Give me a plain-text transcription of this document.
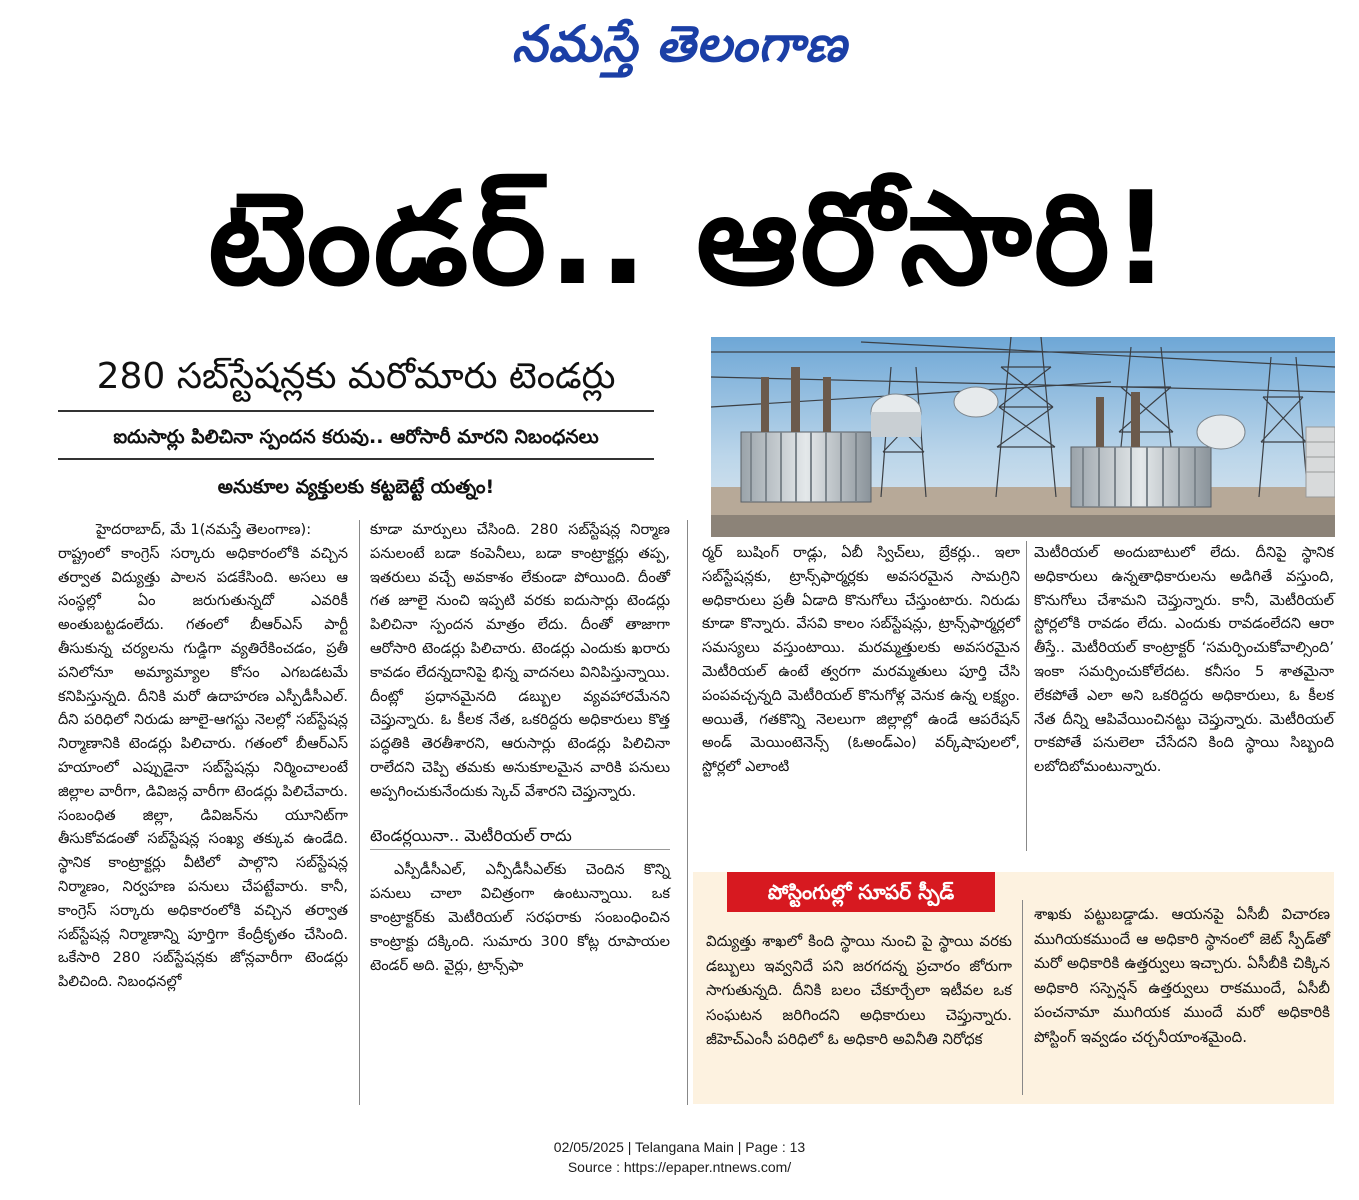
నమస్తే తెలంగాణ
టెండర్.. ఆరోసారి!
280 సబ్‌స్టేషన్లకు మరోమారు టెండర్లు
ఐదుసార్లు పిలిచినా స్పందన కరువు.. ఆరోసారీ మారని నిబంధనలు
అనుకూల వ్యక్తులకు కట్టబెట్టే యత్నం!

హైదరాబాద్, మే 1(నమస్తే తెలంగాణ):

రాష్ట్రంలో కాంగ్రెస్ సర్కారు అధికారంలోకి వచ్చిన తర్వాత విద్యుత్తు పాలన పడకేసింది. అసలు ఆ సంస్థల్లో ఏం జరుగుతున్నదో ఎవరికీ అంతుబట్టడంలేదు. గతంలో బీఆర్‌ఎస్ పార్టీ తీసుకున్న చర్యలను గుడ్డిగా వ్యతిరేకించడం, ప్రతీ పనిలోనూ అమ్యామ్యాల కోసం ఎగబడటమే కనిపిస్తున్నది. దీనికి మరో ఉదాహరణ ఎస్పీడీసీఎల్. దీని పరిధిలో నిరుడు జూలై-ఆగస్టు నెలల్లో సబ్‌స్టేషన్ల నిర్మాణానికి టెండర్లు పిలిచారు. గతంలో బీఆర్‌ఎస్ హయాంలో ఎప్పుడైనా సబ్‌స్టేషన్లు నిర్మించాలంటే జిల్లాల వారీగా, డివిజన్ల వారీగా టెండర్లు పిలిచేవారు. సంబంధిత జిల్లా, డివిజన్‌ను యూనిట్‌గా తీసుకోవడంతో సబ్‌స్టేషన్ల సంఖ్య తక్కువ ఉండేది. స్థానిక కాంట్రాక్టర్లు వీటిలో పాల్గొని సబ్‌స్టేషన్ల నిర్మాణం, నిర్వహణ పనులు చేపట్టేవారు. కానీ, కాంగ్రెస్ సర్కారు అధికారంలోకి వచ్చిన తర్వాత సబ్‌స్టేషన్ల నిర్మాణాన్ని పూర్తిగా కేంద్రీకృతం చేసింది. ఒకేసారి 280 సబ్‌స్టేషన్లకు జోన్లవారీగా టెండర్లు పిలిచింది. నిబంధనల్లో

కూడా మార్పులు చేసింది. 280 సబ్‌స్టేషన్ల నిర్మాణ పనులంటే బడా కంపెనీలు, బడా కాంట్రాక్టర్లు తప్ప, ఇతరులు వచ్చే అవకాశం లేకుండా పోయింది. దీంతో గత జూలై నుంచి ఇప్పటి వరకు ఐదుసార్లు టెండర్లు పిలిచినా స్పందన మాత్రం లేదు. దీంతో తాజాగా ఆరోసారి టెండర్లు పిలిచారు. టెండర్లు ఎందుకు ఖరారు కావడం లేదన్నదానిపై భిన్న వాదనలు వినిపిస్తున్నాయి. దీంట్లో ప్రధానమైనది డబ్బుల వ్యవహారమేనని చెప్తున్నారు. ఓ కీలక నేత, ఒకరిద్దరు అధికారులు కొత్త పద్ధతికి తెరతీశారని, ఆరుసార్లు టెండర్లు పిలిచినా రాలేదని చెప్పి తమకు అనుకూలమైన వారికి పనులు అప్పగించుకునేందుకు స్కెచ్ వేశారని చెప్తున్నారు.

టెండర్లయినా.. మెటీరియల్ రాదు

ఎస్పీడీసీఎల్, ఎన్పీడీసీఎల్‌కు చెందిన కొన్ని పనులు చాలా విచిత్రంగా ఉంటున్నాయి. ఒక కాంట్రాక్టర్‌కు మెటీరియల్ సరఫరాకు సంబంధించిన కాంట్రాక్టు దక్కింది. సుమారు 300 కోట్ల రూపాయల టెండర్ అది. వైర్లు, ట్రాన్స్‌ఫా

ర్మర్ బుషింగ్ రాడ్లు, ఏబీ స్విచ్‌లు, బ్రేకర్లు.. ఇలా సబ్‌స్టేషన్లకు, ట్రాన్స్‌ఫార్మర్లకు అవసరమైన సామగ్రిని అధికారులు ప్రతీ ఏడాది కొనుగోలు చేస్తుంటారు. నిరుడు కూడా కొన్నారు. వేసవి కాలం సబ్‌స్టేషన్లు, ట్రాన్స్‌ఫార్మర్లలో సమస్యలు వస్తుంటాయి. మరమ్మత్తులకు అవసరమైన మెటీరియల్ ఉంటే త్వరగా మరమ్మతులు పూర్తి చేసి పంపవచ్చన్నది మెటీరియల్ కొనుగోళ్ల వెనుక ఉన్న లక్ష్యం. అయితే, గతకొన్ని నెలలుగా జిల్లాల్లో ఉండే ఆపరేషన్ అండ్ మెయింటెనెన్స్ (ఓఅండ్‌ఎం) వర్క్‌షాపులలో, స్టోర్లలో ఎలాంటి

మెటీరియల్ అందుబాటులో లేదు. దీనిపై స్థానిక అధికారులు ఉన్నతాధికారులను అడిగితే వస్తుంది, కొనుగోలు చేశామని చెప్తున్నారు. కానీ, మెటీరియల్ స్టోర్లలోకి రావడం లేదు. ఎందుకు రావడంలేదని ఆరా తీస్తే.. మెటీరియల్ కాంట్రాక్టర్ ‘సమర్పించుకోవాల్సింది’ ఇంకా సమర్పించుకోలేదట. కనీసం 5 శాతమైనా లేకపోతే ఎలా అని ఒకరిద్దరు అధికారులు, ఓ కీలక నేత దీన్ని ఆపివేయించినట్టు చెప్తున్నారు. మెటీరియల్ రాకపోతే పనులెలా చేసేదని కింది స్థాయి సిబ్బంది లబోదిబోమంటున్నారు.

పోస్టింగుల్లో సూపర్ స్పీడ్
విద్యుత్తు శాఖలో కింది స్థాయి నుంచి పై స్థాయి వరకు డబ్బులు ఇవ్వనిదే పని జరగదన్న ప్రచారం జోరుగా సాగుతున్నది. దీనికి బలం చేకూర్చేలా ఇటీవల ఒక సంఘటన జరిగిందని అధికారులు చెప్తున్నారు. జీహెచ్ఎంసీ పరిధిలో ఓ అధికారి అవినీతి నిరోధక
శాఖకు పట్టుబడ్డాడు. ఆయనపై ఏసీబీ విచారణ ముగియకముందే ఆ అధికారి స్థానంలో జెట్ స్పీడ్‌తో మరో అధికారికి ఉత్తర్వులు ఇచ్చారు. ఏసీబీకి చిక్కిన అధికారి సస్పెన్షన్ ఉత్తర్వులు రాకముందే, ఏసీబీ పంచనామా ముగియక ముందే మరో అధికారికి పోస్టింగ్ ఇవ్వడం చర్చనీయాంశమైంది.
02/05/2025 | Telangana Main | Page : 13
Source : https://epaper.ntnews.com/
